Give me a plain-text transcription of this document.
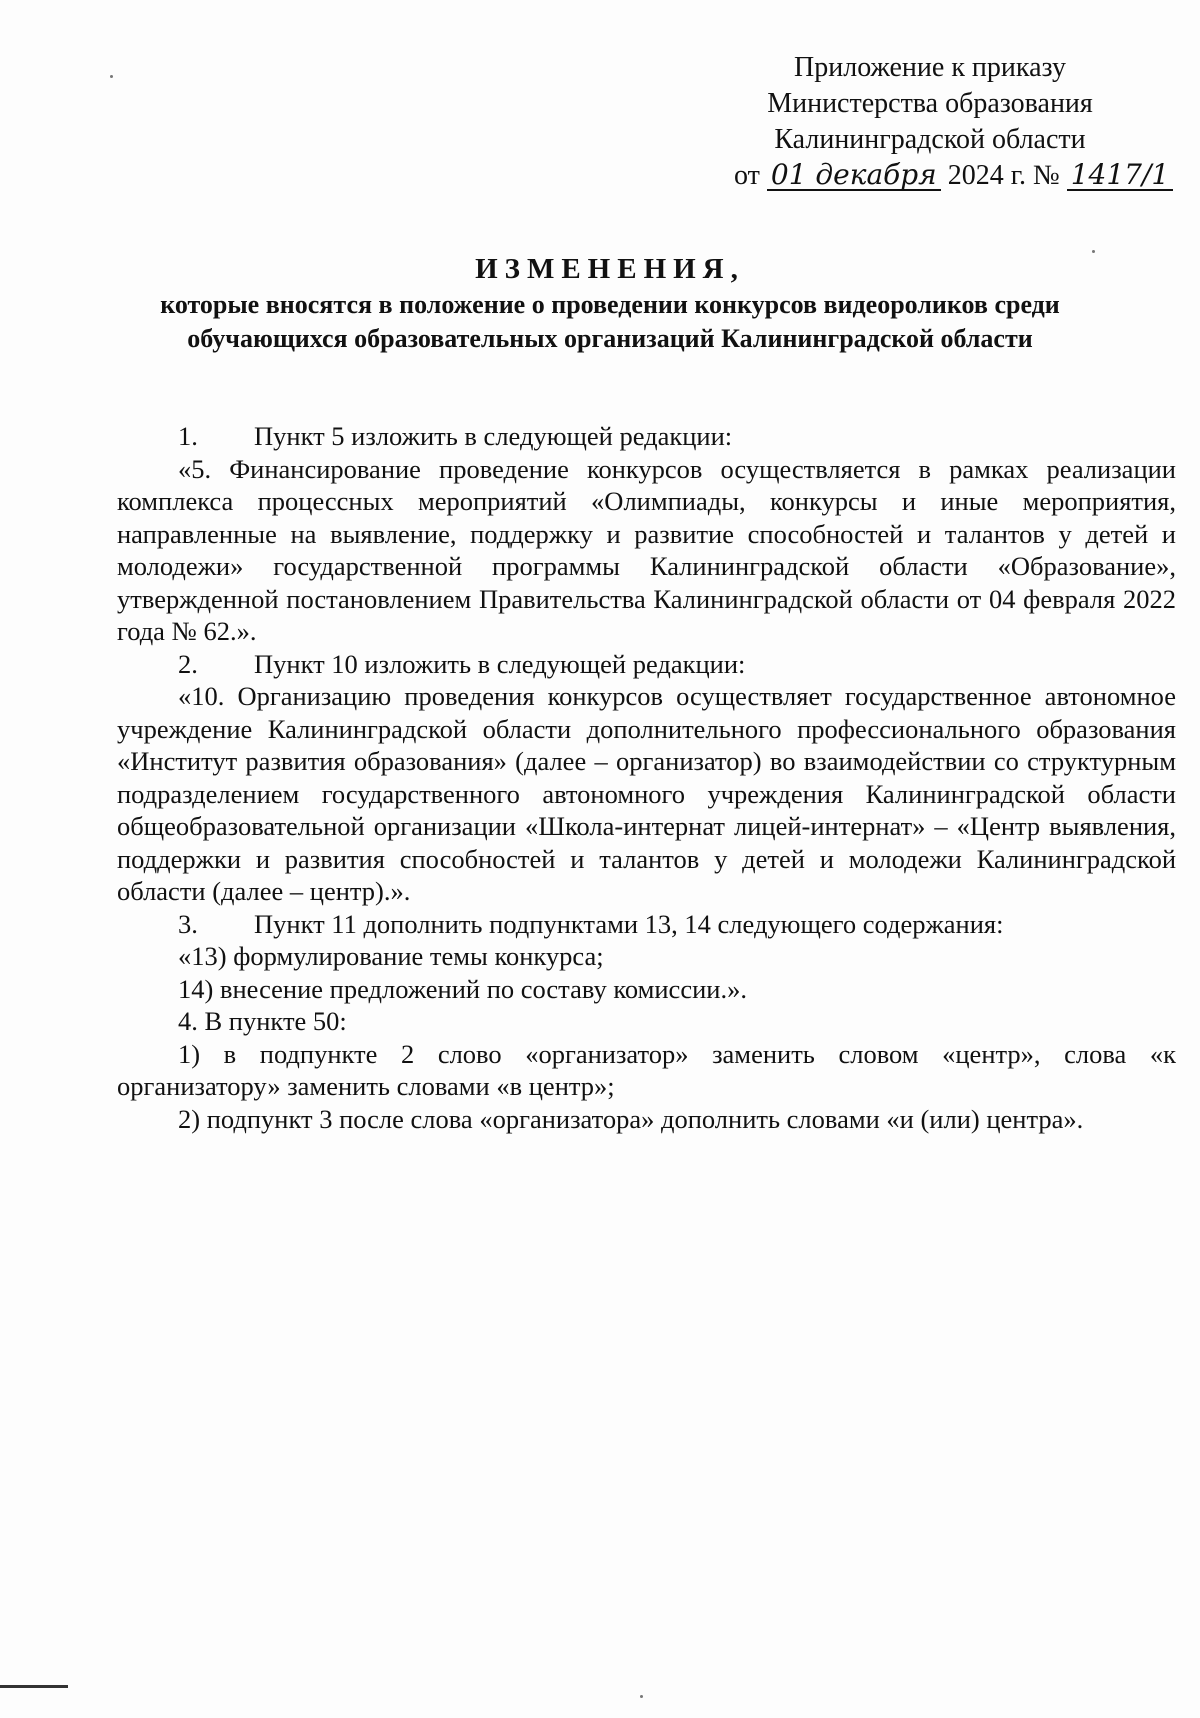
Приложение к приказу
Министерства образования
Калининградской области
от 01 декабря 2024 г. № 1417/1
ИЗМЕНЕНИЯ,
которые вносятся в положение о проведении конкурсов видеороликов среди
обучающихся образовательных организаций Калининградской области

1. Пункт 5 изложить в следующей редакции:

«5. Финансирование проведение конкурсов осуществляется в рамках реализации комплекса процессных мероприятий «Олимпиады, конкурсы и иные мероприятия, направленные на выявление, поддержку и развитие способностей и талантов у детей и молодежи» государственной программы Калининградской области «Образование», утвержденной постановлением Правительства Калининградской области от 04 февраля 2022 года № 62.».

2. Пункт 10 изложить в следующей редакции:

«10. Организацию проведения конкурсов осуществляет государственное автономное учреждение Калининградской области дополнительного профессионального образования «Институт развития образования» (далее – организатор) во взаимодействии со структурным подразделением государственного автономного учреждения Калининградской области общеобразовательной организации «Школа-интернат лицей-интернат» – «Центр выявления, поддержки и развития способностей и талантов у детей и молодежи Калининградской области (далее – центр).».

3. Пункт 11 дополнить подпунктами 13, 14 следующего содержания:

«13) формулирование темы конкурса;

14) внесение предложений по составу комиссии.».

4. В пункте 50:

1) в подпункте 2 слово «организатор» заменить словом «центр», слова «к организатору» заменить словами «в центр»;

2) подпункт 3 после слова «организатора» дополнить словами «и (или) центра».
